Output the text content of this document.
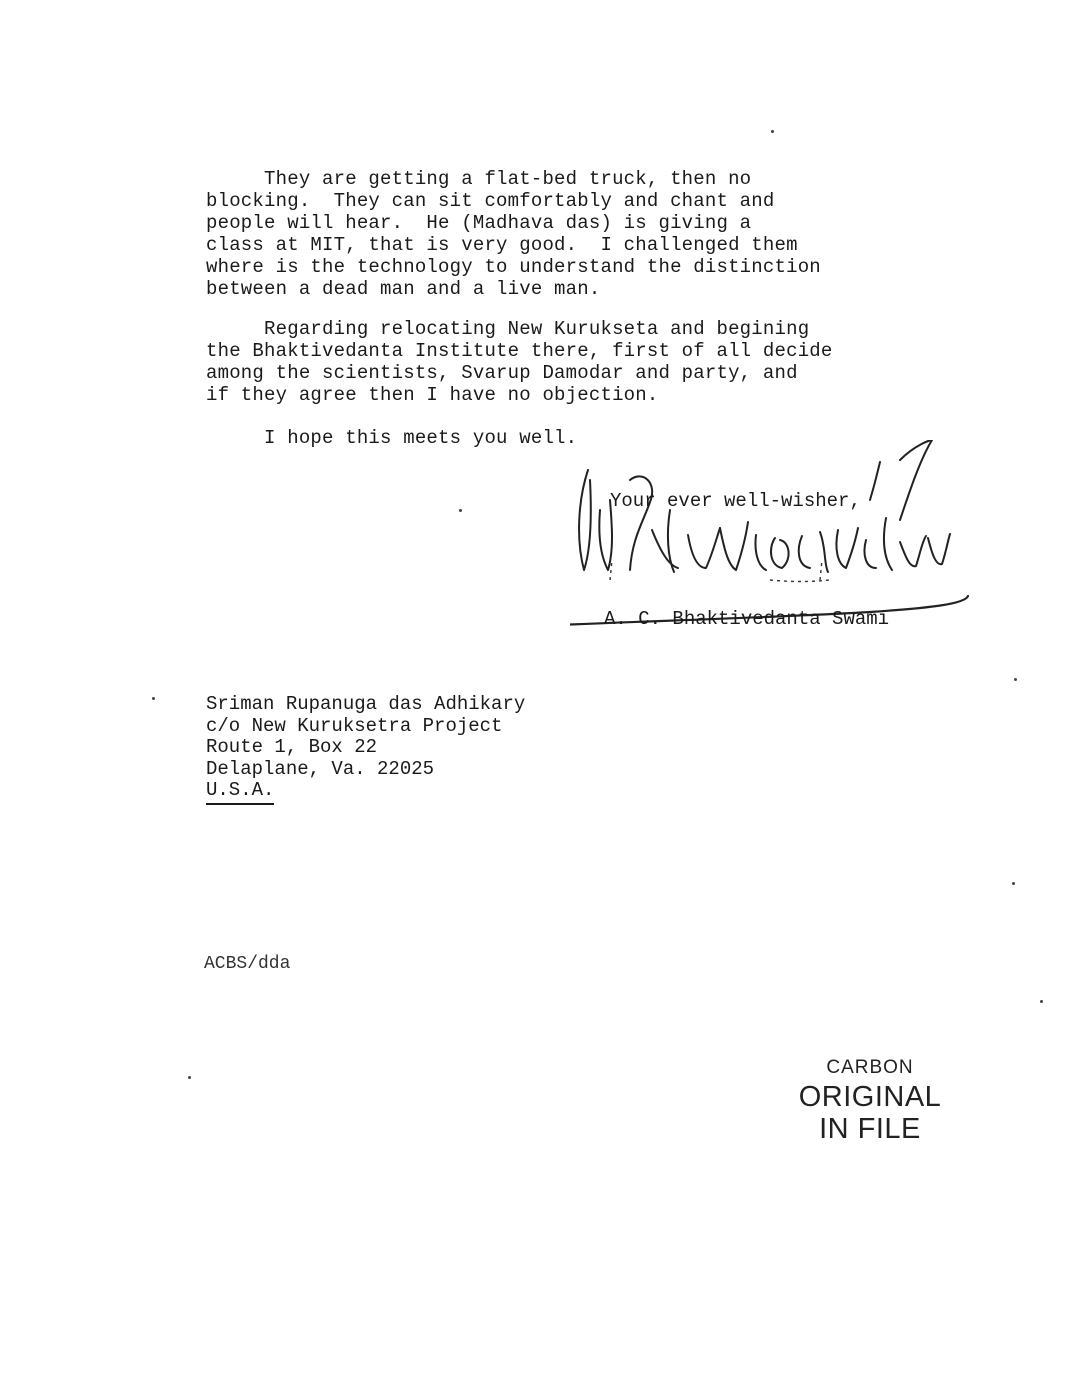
They are getting a flat-bed truck, then no
blocking.  They can sit comfortably and chant and
people will hear.  He (Madhava das) is giving a
class at MIT, that is very good.  I challenged them
where is the technology to understand the distinction
between a dead man and a live man.

Regarding relocating New Kurukseta and begining
the Bhaktivedanta Institute there, first of all decide
among the scientists, Svarup Damodar and party, and
if they agree then I have no objection.

I hope this meets you well.

Your ever well-wisher,
A. C. Bhaktivedanta Swami
Sriman Rupanuga das Adhikary
c/o New Kuruksetra Project
Route 1, Box 22
Delaplane, Va. 22025
U.S.A.
ACBS/dda
CARBON
ORIGINAL
IN FILE
